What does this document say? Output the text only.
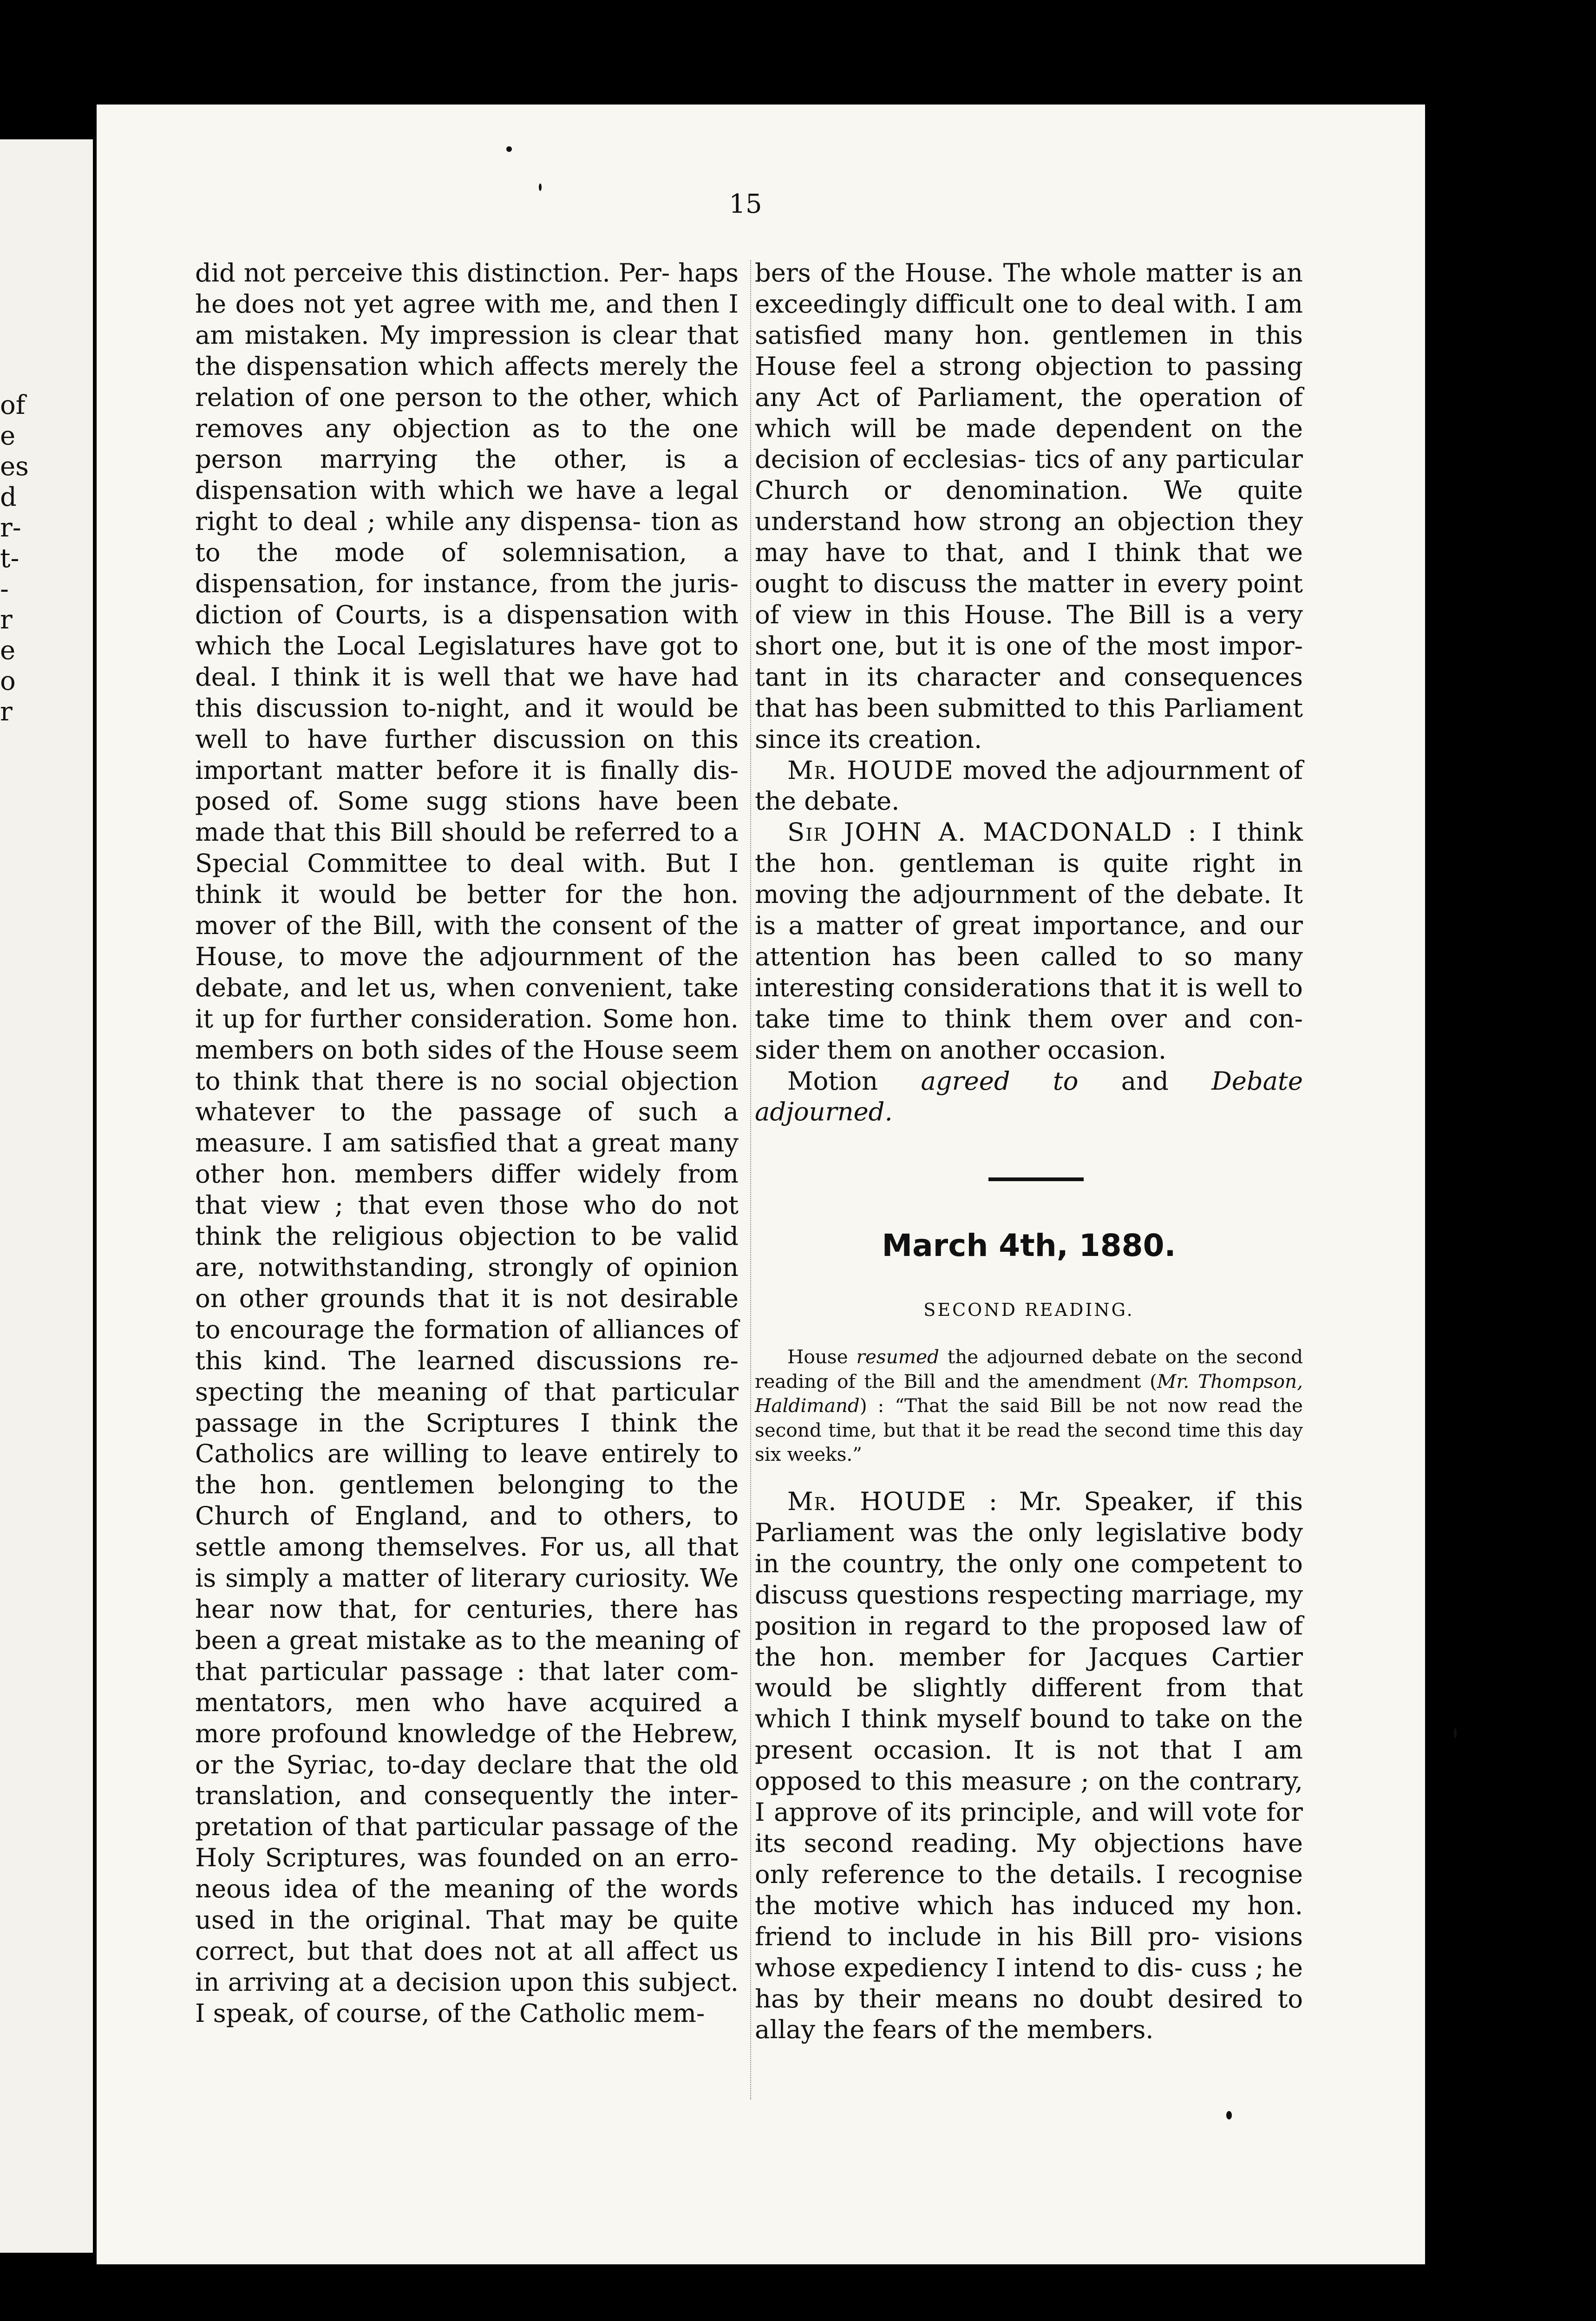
of
e
es
d
r-
t-
-
r
e
o
r
15

did not perceive this distinction. Per- haps he does not yet agree with me, and then I am mistaken. My impression is clear that the dispensation which affects merely the relation of one person to the other, which removes any objection as to the one person marrying the other, is a dispensation with which we have a legal right to deal ; while any dispensa- tion as to the mode of solemnisation, a dispensation, for instance, from the juris- diction of Courts, is a dispensation with which the Local Legislatures have got to deal. I think it is well that we have had this discussion to-night, and it would be well to have further discussion on this important matter before it is finally dis- posed of. Some sugg stions have been made that this Bill should be referred to a Special Committee to deal with. But I think it would be better for the hon. mover of the Bill, with the consent of the House, to move the adjournment of the debate, and let us, when convenient, take it up for further consideration. Some hon. members on both sides of the House seem to think that there is no social objection whatever to the passage of such a measure. I am satisfied that a great many other hon. members differ widely from that view ; that even those who do not think the religious objection to be valid are, notwithstanding, strongly of opinion on other grounds that it is not desirable to encourage the formation of alliances of this kind. The learned discussions re- specting the meaning of that particular passage in the Scriptures I think the Catholics are willing to leave entirely to the hon. gentlemen belonging to the Church of England, and to others, to settle among themselves. For us, all that is simply a matter of literary curiosity. We hear now that, for centuries, there has been a great mistake as to the meaning of that particular passage : that later com- mentators, men who have acquired a more profound knowledge of the Hebrew, or the Syriac, to-day declare that the old translation, and consequently the inter- pretation of that particular passage of the Holy Scriptures, was founded on an erro- neous idea of the meaning of the words used in the original. That may be quite correct, but that does not at all affect us in arriving at a decision upon this subject. I speak, of course, of the Catholic mem-

bers of the House. The whole matter is an exceedingly difficult one to deal with. I am satisfied many hon. gentlemen in this House feel a strong objection to passing any Act of Parliament, the operation of which will be made dependent on the decision of ecclesias- tics of any particular Church or denomination. We quite understand how strong an objection they may have to that, and I think that we ought to discuss the matter in every point of view in this House. The Bill is a very short one, but it is one of the most impor- tant in its character and consequences that has been submitted to this Parliament since its creation.

Mr. HOUDE moved the adjournment of the debate.

Sir JOHN A. MACDONALD : I think the hon. gentleman is quite right in moving the adjournment of the debate. It is a matter of great importance, and our attention has been called to so many interesting considerations that it is well to take time to think them over and con- sider them on another occasion.

Motion agreed to and Debate adjourned.

March 4th, 1880.
SECOND READING.
House resumed the adjourned debate on the second reading of the Bill and the amendment (Mr. Thompson, Haldimand) : “That the said Bill be not now read the second time, but that it be read the second time this day six weeks.”

Mr. HOUDE : Mr. Speaker, if this Parliament was the only legislative body in the country, the only one competent to discuss questions respecting marriage, my position in regard to the proposed law of the hon. member for Jacques Cartier would be slightly different from that which I think myself bound to take on the present occasion. It is not that I am opposed to this measure ; on the contrary, I approve of its principle, and will vote for its second reading. My objections have only reference to the details. I recognise the motive which has induced my hon. friend to include in his Bill pro- visions whose expediency I intend to dis- cuss ; he has by their means no doubt desired to allay the fears of the members.
